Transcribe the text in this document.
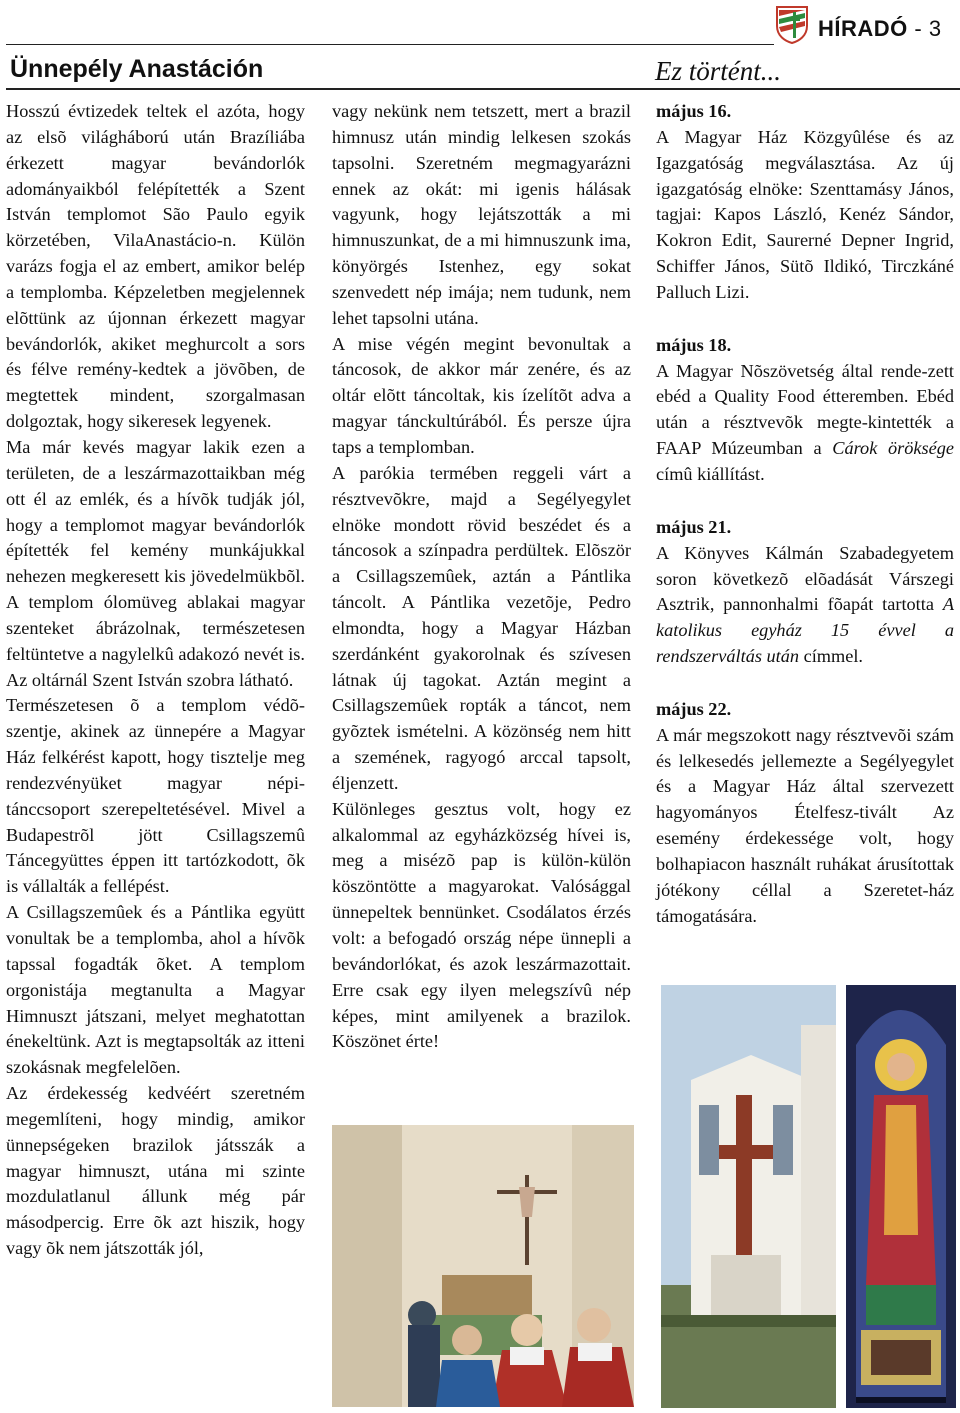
HÍRADÓ - 3
Ünnepély Anastáción	Ez történt...

Hosszú évtizedek teltek el azóta, hogy az elsõ világháború után Brazíliába érkezett magyar bevándorlók adományaikból felépítették a Szent István templomot São Paulo egyik körzetében, VilaAnastácio-n. Külön varázs fogja el az embert, amikor belép a templomba. Képzeletben megjelennek elõttünk az újonnan érkezett magyar bevándorlók, akiket meghurcolt a sors és félve remény-kedtek a jövõben, de megtettek mindent, szorgalmasan dolgoztak, hogy sikeresek legyenek.

Ma már kevés magyar lakik ezen a területen, de a leszármazottaikban még ott él az emlék, és a hívõk tudják jól, hogy a templomot magyar bevándorlók építették fel kemény munkájukkal nehezen megkeresett kis jövedelmükbõl. A templom ólomüveg ablakai magyar szenteket ábrázolnak, természetesen feltüntetve a nagylelkû adakozó nevét is. Az oltárnál Szent István szobra látható.

Természetesen õ a templom védõ-szentje, akinek az ünnepére a Magyar Ház felkérést kapott, hogy tisztelje meg rendezvényüket magyar népi-tánccsoport szerepeltetésével. Mivel a Budapestrõl jött Csillagszemû Táncegyüttes éppen itt tartózkodott, õk is vállalták a fellépést.

A Csillagszemûek és a Pántlika együtt vonultak be a templomba, ahol a hívõk tapssal fogadták õket. A templom orgonistája megtanulta a Magyar Himnuszt játszani, melyet meghatottan énekeltünk. Azt is megtapsolták az itteni szokásnak megfelelõen.

Az érdekesség kedvéért szeretném megemlíteni, hogy mindig, amikor ünnepségeken brazilok játsszák a magyar himnuszt, utána mi szinte mozdulatlanul állunk még pár másodpercig. Erre õk azt hiszik, hogy vagy õk nem játszották jól,

vagy nekünk nem tetszett, mert a brazil himnusz után mindig lelkesen szokás tapsolni. Szeretném megmagyarázni ennek az okát: mi igenis hálásak vagyunk, hogy lejátszották a mi himnuszunkat, de a mi himnuszunk ima, könyörgés Istenhez, egy sokat szenvedett nép imája; nem tudunk, nem lehet tapsolni utána.

A mise végén megint bevonultak a táncosok, de akkor már zenére, és az oltár elõtt táncoltak, kis ízelítõt adva a magyar tánckultúrából. És persze újra taps a templomban.

A parókia termében reggeli várt a résztvevõkre, majd a Segélyegylet elnöke mondott rövid beszédet és a táncosok a színpadra perdültek. Elõször a Csillagszemûek, aztán a Pántlika táncolt. A Pántlika vezetõje, Pedro elmondta, hogy a Magyar Házban szerdánként gyakorolnak és szívesen látnak új tagokat. Aztán megint a Csillagszemûek ropták a táncot, nem gyõztek ismételni. A közönség nem hitt a szemének, ragyogó arccal tapsolt, éljenzett.

Különleges gesztus volt, hogy ez alkalommal az egyházközség hívei is, meg a misézõ pap is külön-külön köszöntötte a magyarokat. Valósággal ünnepeltek bennünket. Csodálatos érzés volt: a befogadó ország népe ünnepli a bevándorlókat, és azok leszármazottait. Erre csak egy ilyen melegszívû nép képes, mint amilyenek a brazilok. Köszönet érte!

május 16.

A Magyar Ház Közgyûlése és az Igazgatóság megválasztása. Az új igazgatóság elnöke: Szenttamásy János, tagjai: Kapos László, Kenéz Sándor, Kokron Edit, Saurerné Depner Ingrid, Schiffer János, Sütõ Ildikó, Tirczkáné Palluch Lizi.

május 18.

A Magyar Nõszövetség által rende-zett ebéd a Quality Food étteremben. Ebéd után a résztvevõk megte-kintették a FAAP Múzeumban a Cárok öröksége címû kiállítást.

május 21.

A Könyves Kálmán Szabadegyetem soron következõ elõadását Várszegi Asztrik, pannonhalmi fõapát tartotta A katolikus egyház 15 évvel a rendszerváltás után címmel.

május 22.

A már megszokott nagy résztvevõi szám és lelkesedés jellemezte a Segélyegylet és a Magyar Ház által szervezett hagyományos Ételfesz-tivált Az esemény érdekessége volt, hogy bolhapiacon használt ruhákat árusítottak jótékony céllal a Szeretet-ház támogatására.
